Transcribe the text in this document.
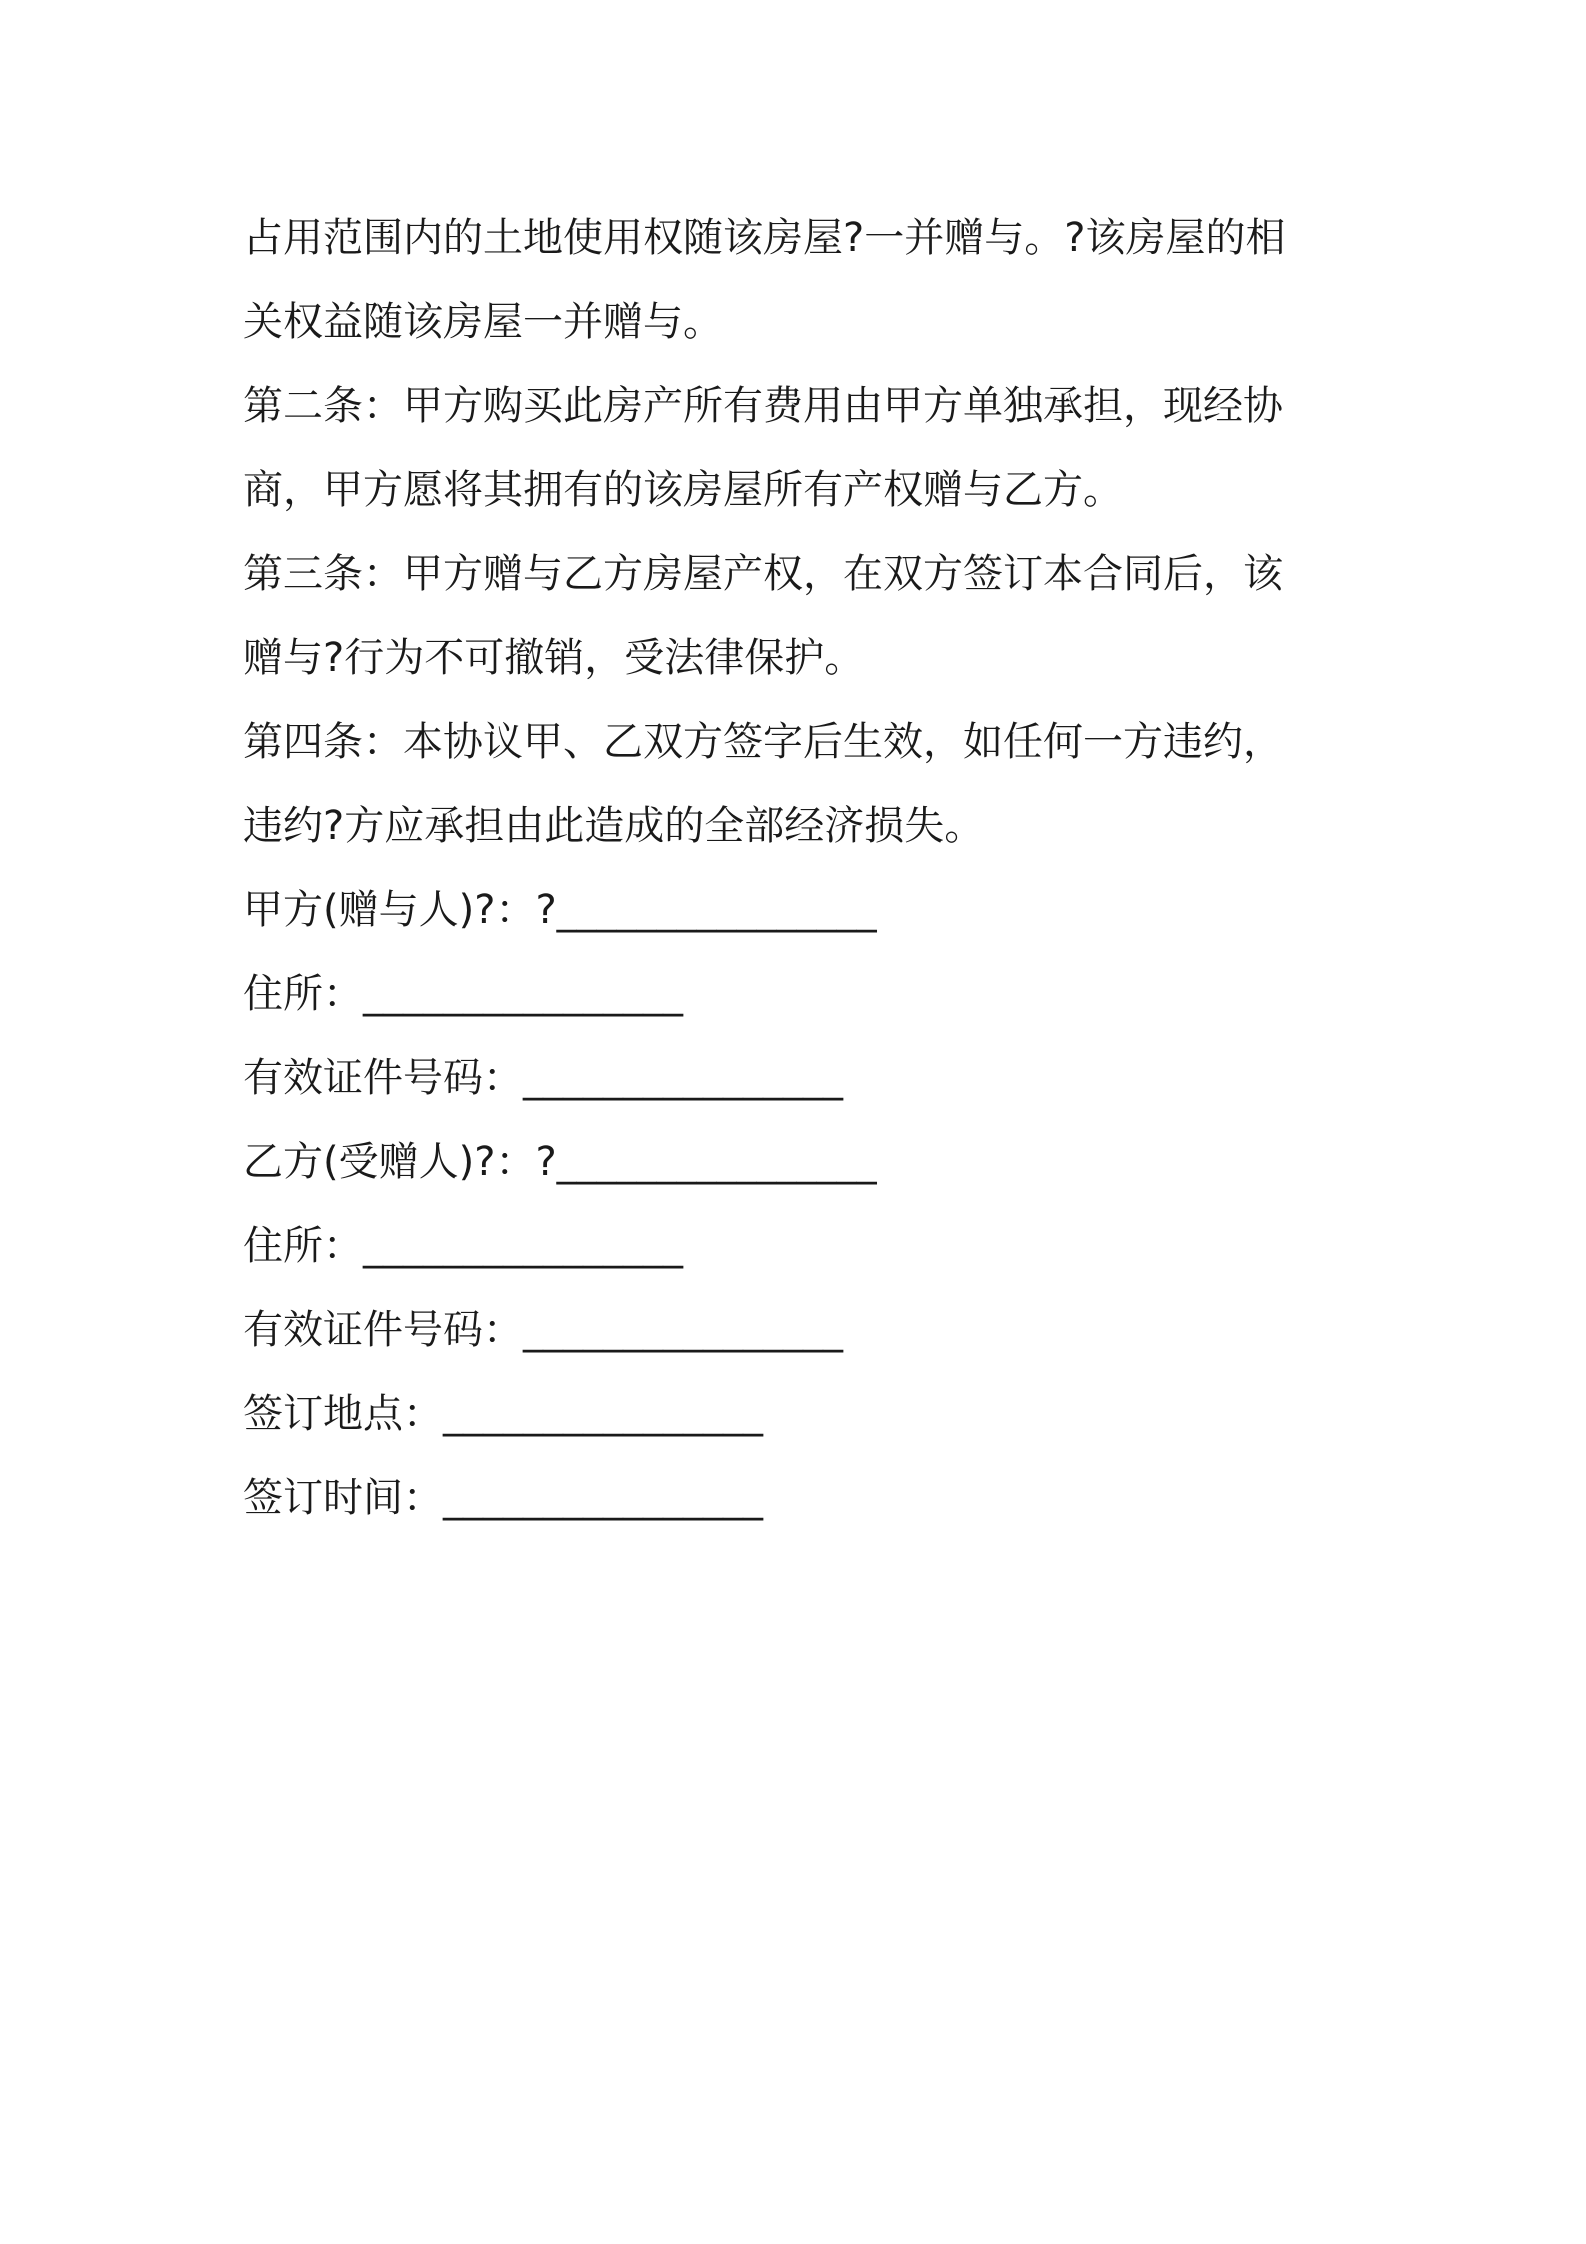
占用范围内的土地使用权随该房屋?一并赠与。?该房屋的相

关权益随该房屋一并赠与。

第二条：甲方购买此房产所有费用由甲方单独承担，现经协

商，甲方愿将其拥有的该房屋所有产权赠与乙方。

第三条：甲方赠与乙方房屋产权，在双方签订本合同后，该

赠与?行为不可撤销，受法律保护。

第四条：本协议甲、乙双方签字后生效，如任何一方违约，

违约?方应承担由此造成的全部经济损失。

甲方(赠与人)?：?________________

住所：________________

有效证件号码：________________

乙方(受赠人)?：?________________

住所：________________

有效证件号码：________________

签订地点：________________

签订时间：________________
